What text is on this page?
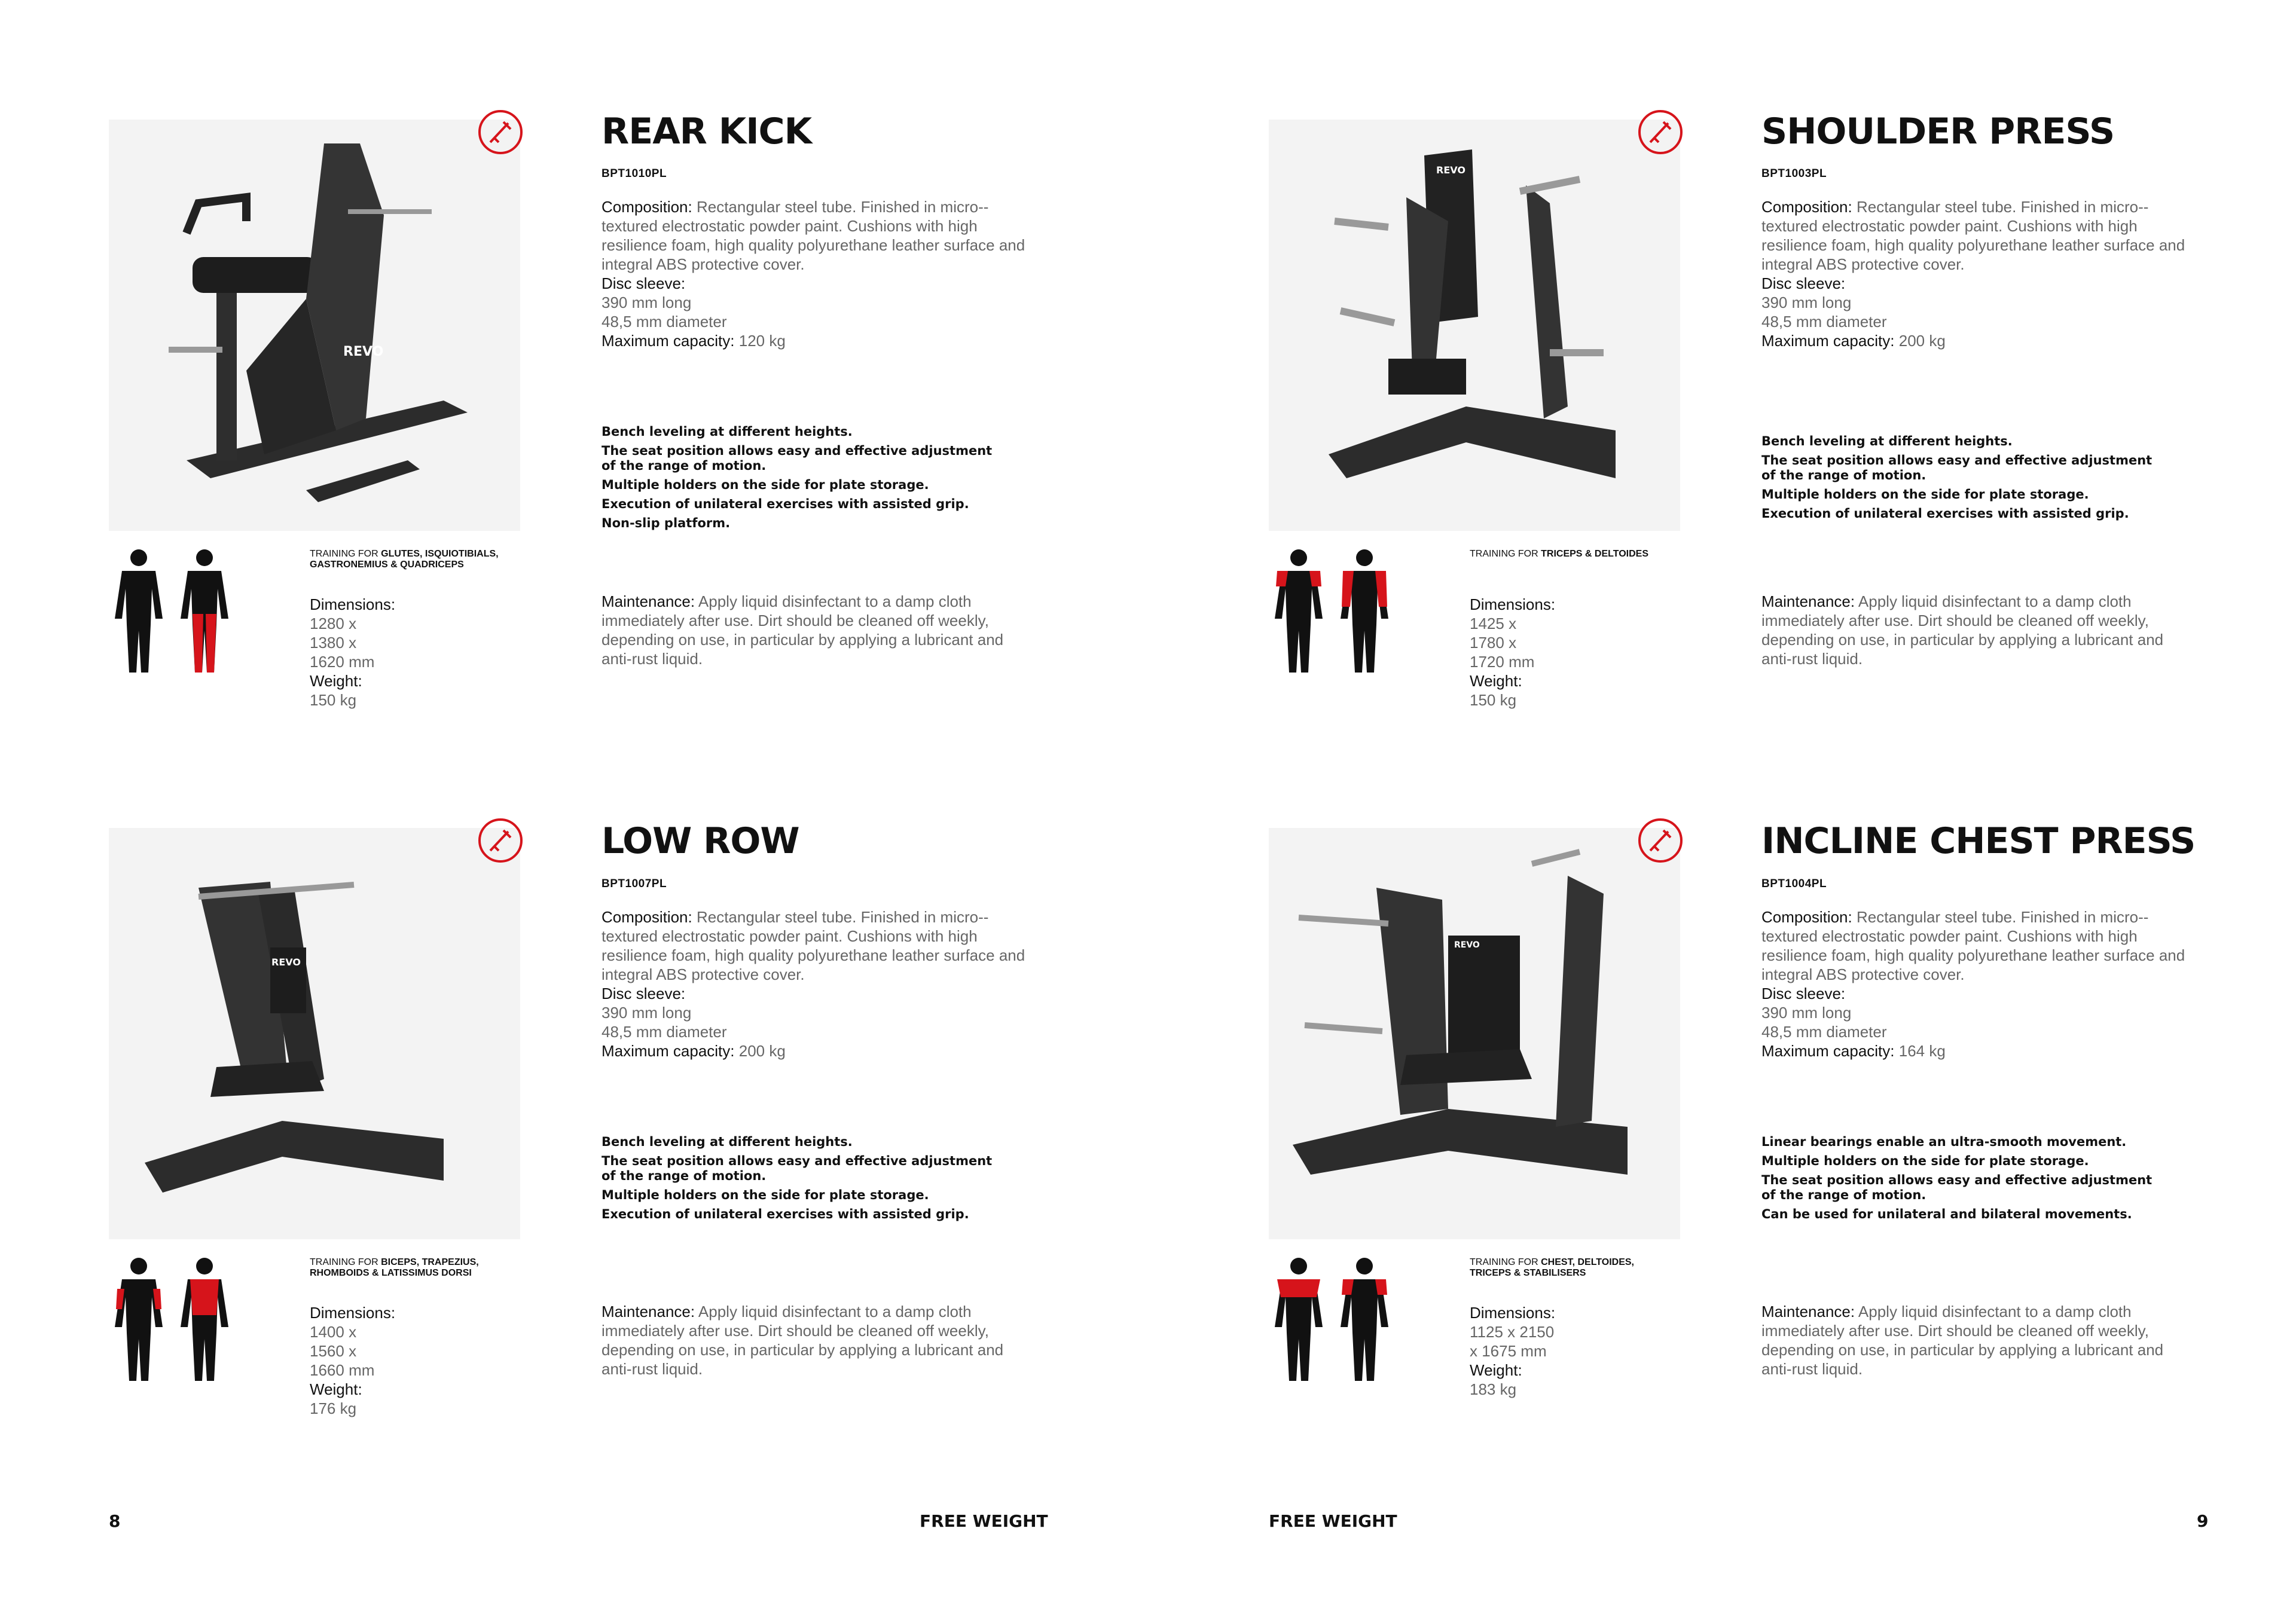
REVO
REAR KICK
BPT1010PL
Composition: Rectangular steel tube. Finished in micro--textured electrostatic powder paint. Cushions with high resilience foam, high quality polyurethane leather surface and integral ABS protective cover.
Disc sleeve:
390 mm long
48,5 mm diameter
Maximum capacity: 120 kg
Bench leveling at different heights.
The seat position allows easy and effective adjustment
of the range of motion.
Multiple holders on the side for plate storage.
Execution of unilateral exercises with assisted grip.
Non-slip platform.
Maintenance: Apply liquid disinfectant to a damp cloth immediately after use. Dirt should be cleaned off weekly, depending on use, in particular by applying a lubricant and anti-rust liquid.
TRAINING FOR GLUTES, ISQUIOTIBIALS, GASTRONEMIUS & QUADRICEPS
Dimensions:
1280 x 1380 x 1620 mm
Weight:
150 kg
REVO
SHOULDER PRESS
BPT1003PL
Composition: Rectangular steel tube. Finished in micro--textured electrostatic powder paint. Cushions with high resilience foam, high quality polyurethane leather surface and integral ABS protective cover.
Disc sleeve:
390 mm long
48,5 mm diameter
Maximum capacity: 200 kg
Bench leveling at different heights.
The seat position allows easy and effective adjustment
of the range of motion.
Multiple holders on the side for plate storage.
Execution of unilateral exercises with assisted grip.
Maintenance: Apply liquid disinfectant to a damp cloth immediately after use. Dirt should be cleaned off weekly, depending on use, in particular by applying a lubricant and anti-rust liquid.
TRAINING FOR TRICEPS & DELTOIDES
Dimensions:
1425 x 1780 x 1720 mm
Weight:
150 kg
REVO
LOW ROW
BPT1007PL
Composition: Rectangular steel tube. Finished in micro--textured electrostatic powder paint. Cushions with high resilience foam, high quality polyurethane leather surface and integral ABS protective cover.
Disc sleeve:
390 mm long
48,5 mm diameter
Maximum capacity: 200 kg
Bench leveling at different heights.
The seat position allows easy and effective adjustment
of the range of motion.
Multiple holders on the side for plate storage.
Execution of unilateral exercises with assisted grip.
Maintenance: Apply liquid disinfectant to a damp cloth immediately after use. Dirt should be cleaned off weekly, depending on use, in particular by applying a lubricant and anti-rust liquid.
TRAINING FOR BICEPS, TRAPEZIUS, RHOMBOIDS & LATISSIMUS DORSI
Dimensions:
1400 x 1560 x 1660 mm
Weight:
176 kg
REVO
INCLINE CHEST PRESS
BPT1004PL
Composition: Rectangular steel tube. Finished in micro--textured electrostatic powder paint. Cushions with high resilience foam, high quality polyurethane leather surface and integral ABS protective cover.
Disc sleeve:
390 mm long
48,5 mm diameter
Maximum capacity: 164 kg
Linear bearings enable an ultra-smooth movement.
Multiple holders on the side for plate storage.
The seat position allows easy and effective adjustment
of the range of motion.
Can be used for unilateral and bilateral movements.
Maintenance: Apply liquid disinfectant to a damp cloth immediately after use. Dirt should be cleaned off weekly, depending on use, in particular by applying a lubricant and anti-rust liquid.
TRAINING FOR CHEST, DELTOIDES, TRICEPS & STABILISERS
Dimensions:
1125 x 2150 x 1675 mm
Weight:
183 kg
8	FREE WEIGHT	FREE WEIGHT	9
